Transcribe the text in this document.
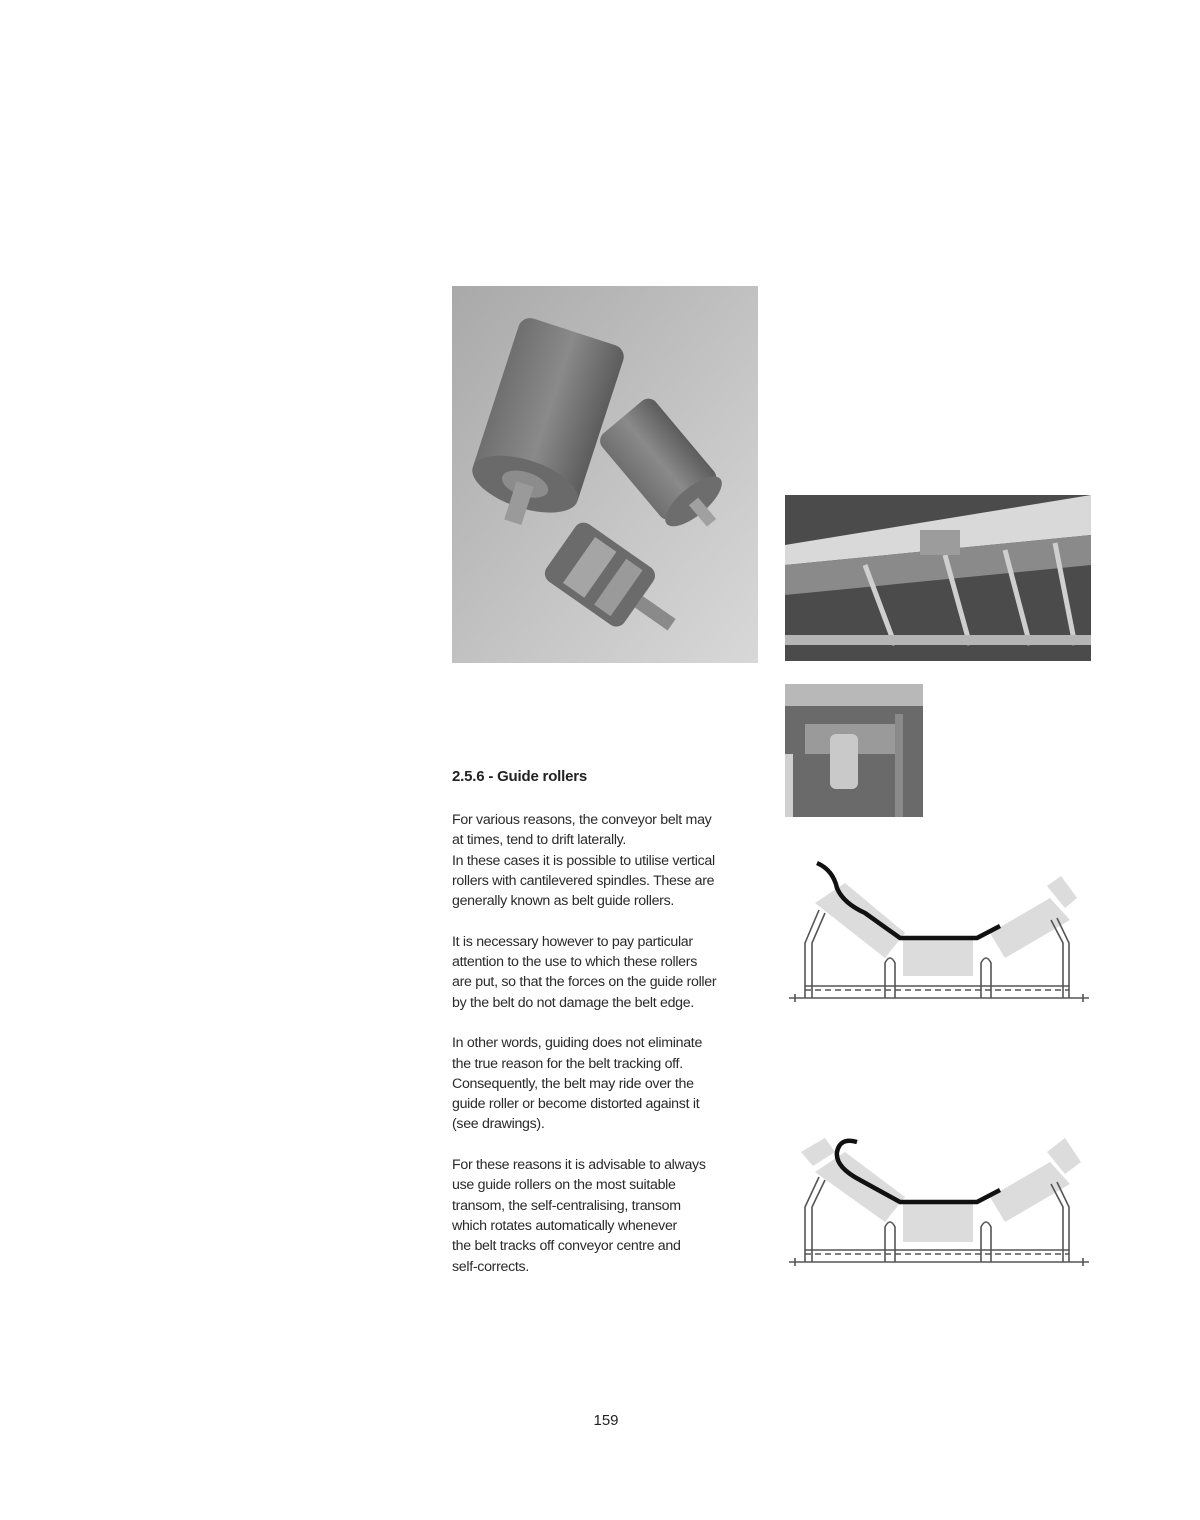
2.5.6 - Guide rollers
For various reasons, the conveyor belt may
at times, tend to drift laterally.
In these cases it is possible to utilise vertical
rollers with cantilevered spindles. These are
generally known as belt guide rollers.
It is necessary however to pay particular
attention to the use to which these rollers
are put, so that the forces on the guide roller
by the belt do not damage the belt edge.
In other words, guiding does not eliminate
the true reason for the belt tracking off.
Consequently, the belt may ride over the
guide roller or become distorted against it
(see drawings).
For these reasons it is advisable to always
use guide rollers on the most suitable
transom, the self-centralising, transom
which rotates automatically whenever
the belt tracks off conveyor centre and
self-corrects.
159
